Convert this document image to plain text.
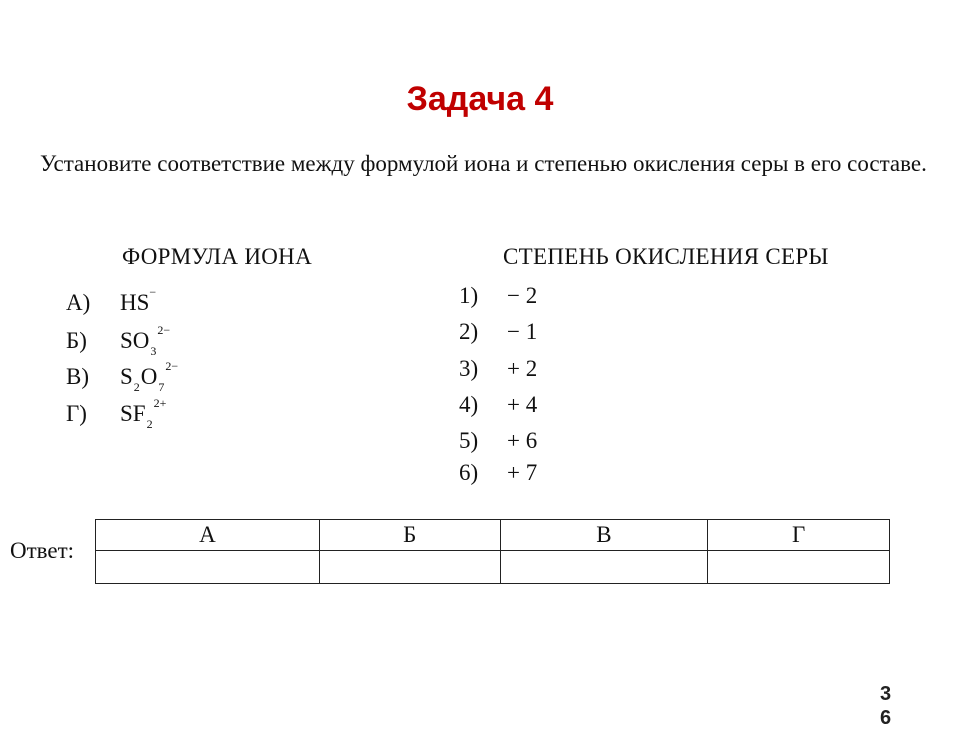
Задача 4
Установите соответствие между формулой иона и степенью окисления серы в его составе.
ФОРМУЛА ИОНА	СТЕПЕНЬ ОКИСЛЕНИЯ СЕРЫ
А) HS−
Б) $SO_3^{2-}$
В) $S_2O_7^{2-}$
Г) $SF_2^{2+}$
1) − 2
2) − 1
3) + 2
4) + 4
5) + 6
6) + 7
Ответ:
А	Б	В	Г

36
